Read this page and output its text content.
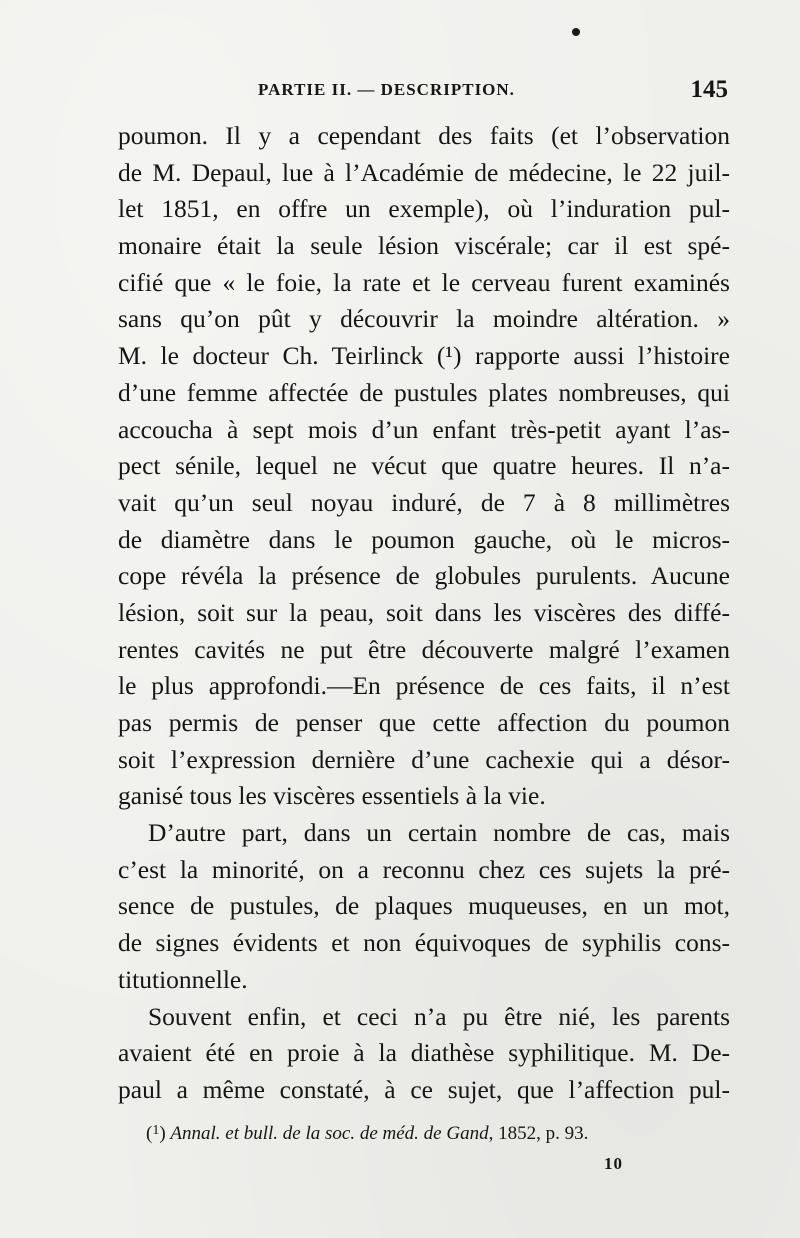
PARTIE II. — DESCRIPTION.	145
poumon. Il y a cependant des faits (et l’observation
de M. Depaul, lue à l’Académie de médecine, le 22 juil-
let 1851, en offre un exemple), où l’induration pul-
monaire était la seule lésion viscérale; car il est spé-
cifié que « le foie, la rate et le cerveau furent examinés
sans qu’on pût y découvrir la moindre altération. »
M. le docteur Ch. Teirlinck (¹) rapporte aussi l’histoire
d’une femme affectée de pustules plates nombreuses, qui
accoucha à sept mois d’un enfant très-petit ayant l’as-
pect sénile, lequel ne vécut que quatre heures. Il n’a-
vait qu’un seul noyau induré, de 7 à 8 millimètres
de diamètre dans le poumon gauche, où le micros-
cope révéla la présence de globules purulents. Aucune
lésion, soit sur la peau, soit dans les viscères des diffé-
rentes cavités ne put être découverte malgré l’examen
le plus approfondi.—En présence de ces faits, il n’est
pas permis de penser que cette affection du poumon
soit l’expression dernière d’une cachexie qui a désor-
ganisé tous les viscères essentiels à la vie.
D’autre part, dans un certain nombre de cas, mais
c’est la minorité, on a reconnu chez ces sujets la pré-
sence de pustules, de plaques muqueuses, en un mot,
de signes évidents et non équivoques de syphilis cons-
titutionnelle.
Souvent enfin, et ceci n’a pu être nié, les parents
avaient été en proie à la diathèse syphilitique. M. De-
paul a même constaté, à ce sujet, que l’affection pul-
($^1$) Annal. et bull. de la soc. de méd. de Gand, 1852, p. 93.
10
